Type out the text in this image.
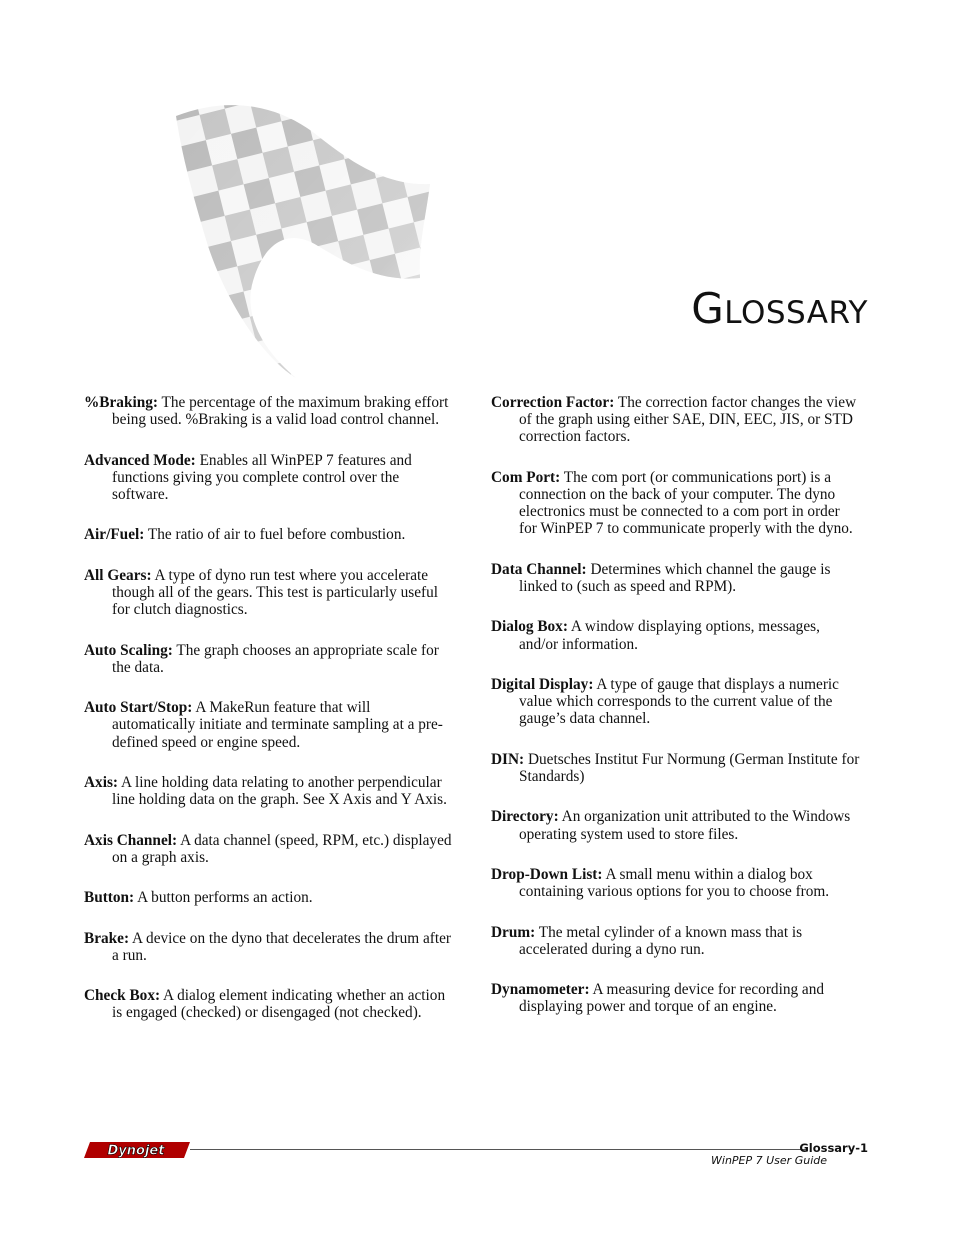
GLOSSARY

%Braking: The percentage of the maximum braking effort being used. %Braking is a valid load control channel.

Advanced Mode: Enables all WinPEP 7 features and functions giving you complete control over the software.

Air/Fuel: The ratio of air to fuel before combustion.

All Gears: A type of dyno run test where you accelerate though all of the gears. This test is particularly useful for clutch diagnostics.

Auto Scaling: The graph chooses an appropriate scale for the data.

Auto Start/Stop: A MakeRun feature that will automatically initiate and terminate sampling at a pre-defined speed or engine speed.

Axis: A line holding data relating to another perpendicular line holding data on the graph. See X Axis and Y Axis.

Axis Channel: A data channel (speed, RPM, etc.) displayed on a graph axis.

Button: A button performs an action.

Brake: A device on the dyno that decelerates the drum after a run.

Check Box: A dialog element indicating whether an action is engaged (checked) or disengaged (not checked).

Correction Factor: The correction factor changes the view of the graph using either SAE, DIN, EEC, JIS, or STD correction factors.

Com Port: The com port (or communications port) is a connection on the back of your computer. The dyno electronics must be connected to a com port in order for WinPEP 7 to communicate properly with the dyno.

Data Channel: Determines which channel the gauge is linked to (such as speed and RPM).

Dialog Box: A window displaying options, messages, and/or information.

Digital Display: A type of gauge that displays a numeric value which corresponds to the current value of the gauge’s data channel.

DIN: Duetsches Institut Fur Normung (German Institute for Standards)

Directory: An organization unit attributed to the Windows operating system used to store files.

Drop-Down List: A small menu within a dialog box containing various options for you to choose from.

Drum: The metal cylinder of a known mass that is accelerated during a dyno run.

Dynamometer: A measuring device for recording and displaying power and torque of an engine.

Dynojet	Glossary-1
WinPEP 7 User Guide
